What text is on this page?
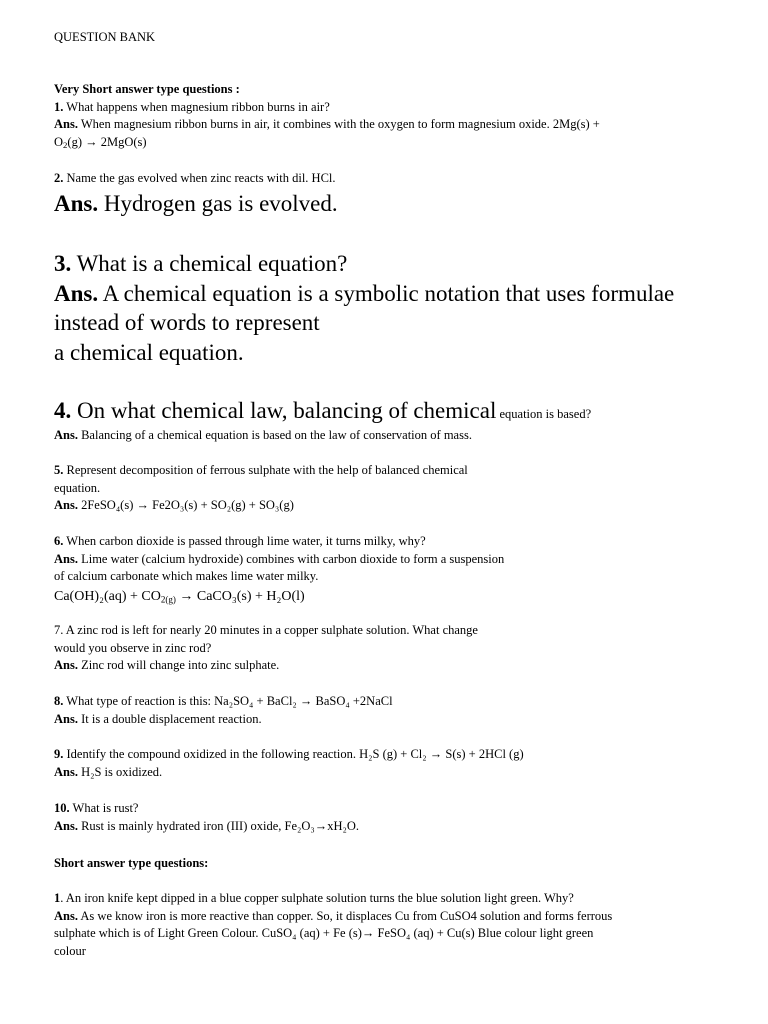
QUESTION BANK
Very Short answer type questions :
1. What happens when magnesium ribbon burns in air?
Ans. When magnesium ribbon burns in air, it combines with the oxygen to form magnesium oxide. 2Mg(s) +
$O_2(g) \to 2MgO(s)$
2. Name the gas evolved when zinc reacts with dil. HCl.
Ans. Hydrogen gas is evolved.
3. What is a chemical equation?
Ans. A chemical equation is a symbolic notation that uses formulae
instead of words to represent
a chemical equation.
4. On what chemical law, balancing of chemical equation is based?
Ans. Balancing of a chemical equation is based on the law of conservation of mass.
5. Represent decomposition of ferrous sulphate with the help of balanced chemical
equation.
Ans. 2FeSO₄(s) → Fe2O₃(s) + SO₂(g) + SO₃(g)
6. When carbon dioxide is passed through lime water, it turns milky, why?
Ans. Lime water (calcium hydroxide) combines with carbon dioxide to form a suspension
of calcium carbonate which makes lime water milky.
$Ca(OH)_2(aq) + CO_{2(g)}$ → CaCO₃(s) + H₂O(l)
7. A zinc rod is left for nearly 20 minutes in a copper sulphate solution. What change
would you observe in zinc rod?
Ans. Zinc rod will change into zinc sulphate.
8. What type of reaction is this: Na₂SO₄ + BaCl₂ → BaSO₄ +2NaCl
Ans. It is a double displacement reaction.
9. Identify the compound oxidized in the following reaction. H₂S (g) + Cl₂ → S(s) + 2HCl (g)
Ans. H₂S is oxidized.
10. What is rust?
Ans. Rust is mainly hydrated iron (III) oxide, Fe₂O₃→xH₂O.
Short answer type questions:
1. An iron knife kept dipped in a blue copper sulphate solution turns the blue solution light green. Why?
Ans. As we know iron is more reactive than copper. So, it displaces Cu from CuSO4 solution and forms ferrous
sulphate which is of Light Green Colour. CuSO₄ (aq) + Fe (s)→ FeSO₄ (aq) + Cu(s) Blue colour light green
colour
